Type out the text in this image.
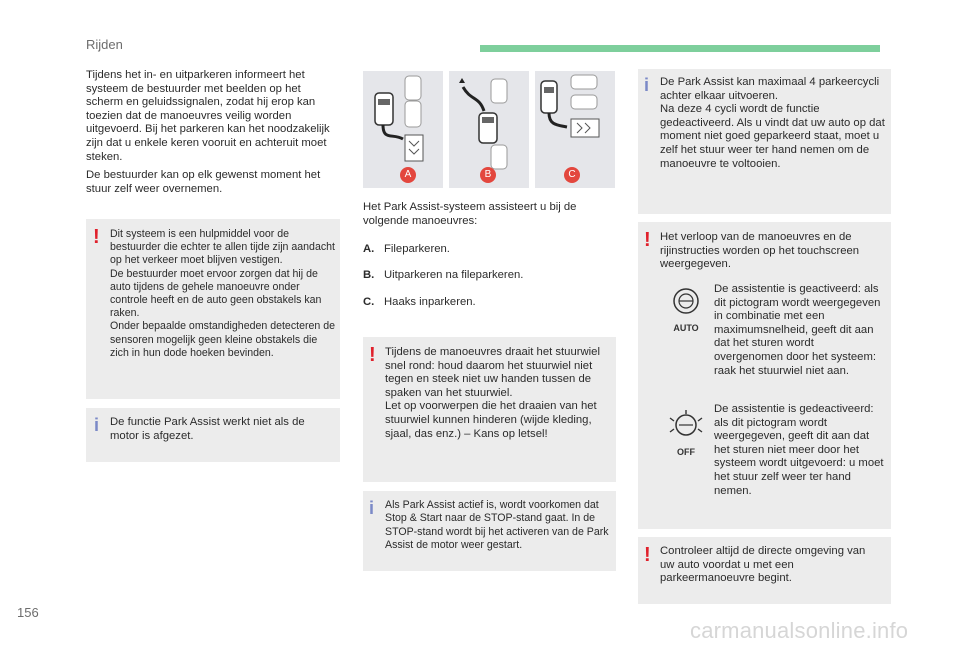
Rijden

Tijdens het in- en uitparkeren informeert het systeem de bestuurder met beelden op het scherm en geluidssignalen, zodat hij erop kan toezien dat de manoeuvres veilig worden uitgevoerd. Bij het parkeren kan het noodzakelijk zijn dat u enkele keren vooruit en achteruit moet steken.

De bestuurder kan op elk gewenst moment het stuur zelf weer overnemen.

! Dit systeem is een hulpmiddel voor de bestuurder die echter te allen tijde zijn aandacht op het verkeer moet blijven vestigen.
De bestuurder moet ervoor zorgen dat hij de auto tijdens de gehele manoeuvre onder controle heeft en de auto geen obstakels kan raken.
Onder bepaalde omstandigheden detecteren de sensoren mogelijk geen kleine obstakels die zich in hun dode hoeken bevinden.
i De functie Park Assist werkt niet als de motor is afgezet.
A	B	C
Het Park Assist-systeem assisteert u bij de volgende manoeuvres:
A. Fileparkeren.
B. Uitparkeren na fileparkeren.
C. Haaks inparkeren.
! Tijdens de manoeuvres draait het stuurwiel snel rond: houd daarom het stuurwiel niet tegen en steek niet uw handen tussen de spaken van het stuurwiel.
Let op voorwerpen die het draaien van het stuurwiel kunnen hinderen (wijde kleding, sjaal, das enz.) – Kans op letsel!
i Als Park Assist actief is, wordt voorkomen dat Stop & Start naar de STOP-stand gaat. In de STOP-stand wordt bij het activeren van de Park Assist de motor weer gestart.
i De Park Assist kan maximaal 4 parkeercycli achter elkaar uitvoeren.
Na deze 4 cycli wordt de functie gedeactiveerd. Als u vindt dat uw auto op dat moment niet goed geparkeerd staat, moet u zelf het stuur weer ter hand nemen om de manoeuvre te voltooien.
! Het verloop van de manoeuvres en de rijinstructies worden op het touchscreen weergegeven.
AUTO
De assistentie is geactiveerd: als dit pictogram wordt weergegeven in combinatie met een maximumsnelheid, geeft dit aan dat het sturen wordt overgenomen door het systeem: raak het stuurwiel niet aan.
OFF
De assistentie is gedeactiveerd: als dit pictogram wordt weergegeven, geeft dit aan dat het sturen niet meer door het systeem wordt uitgevoerd: u moet het stuur zelf weer ter hand nemen.
! Controleer altijd de directe omgeving van uw auto voordat u met een parkeermanoeuvre begint.
156
carmanualsonline.info
